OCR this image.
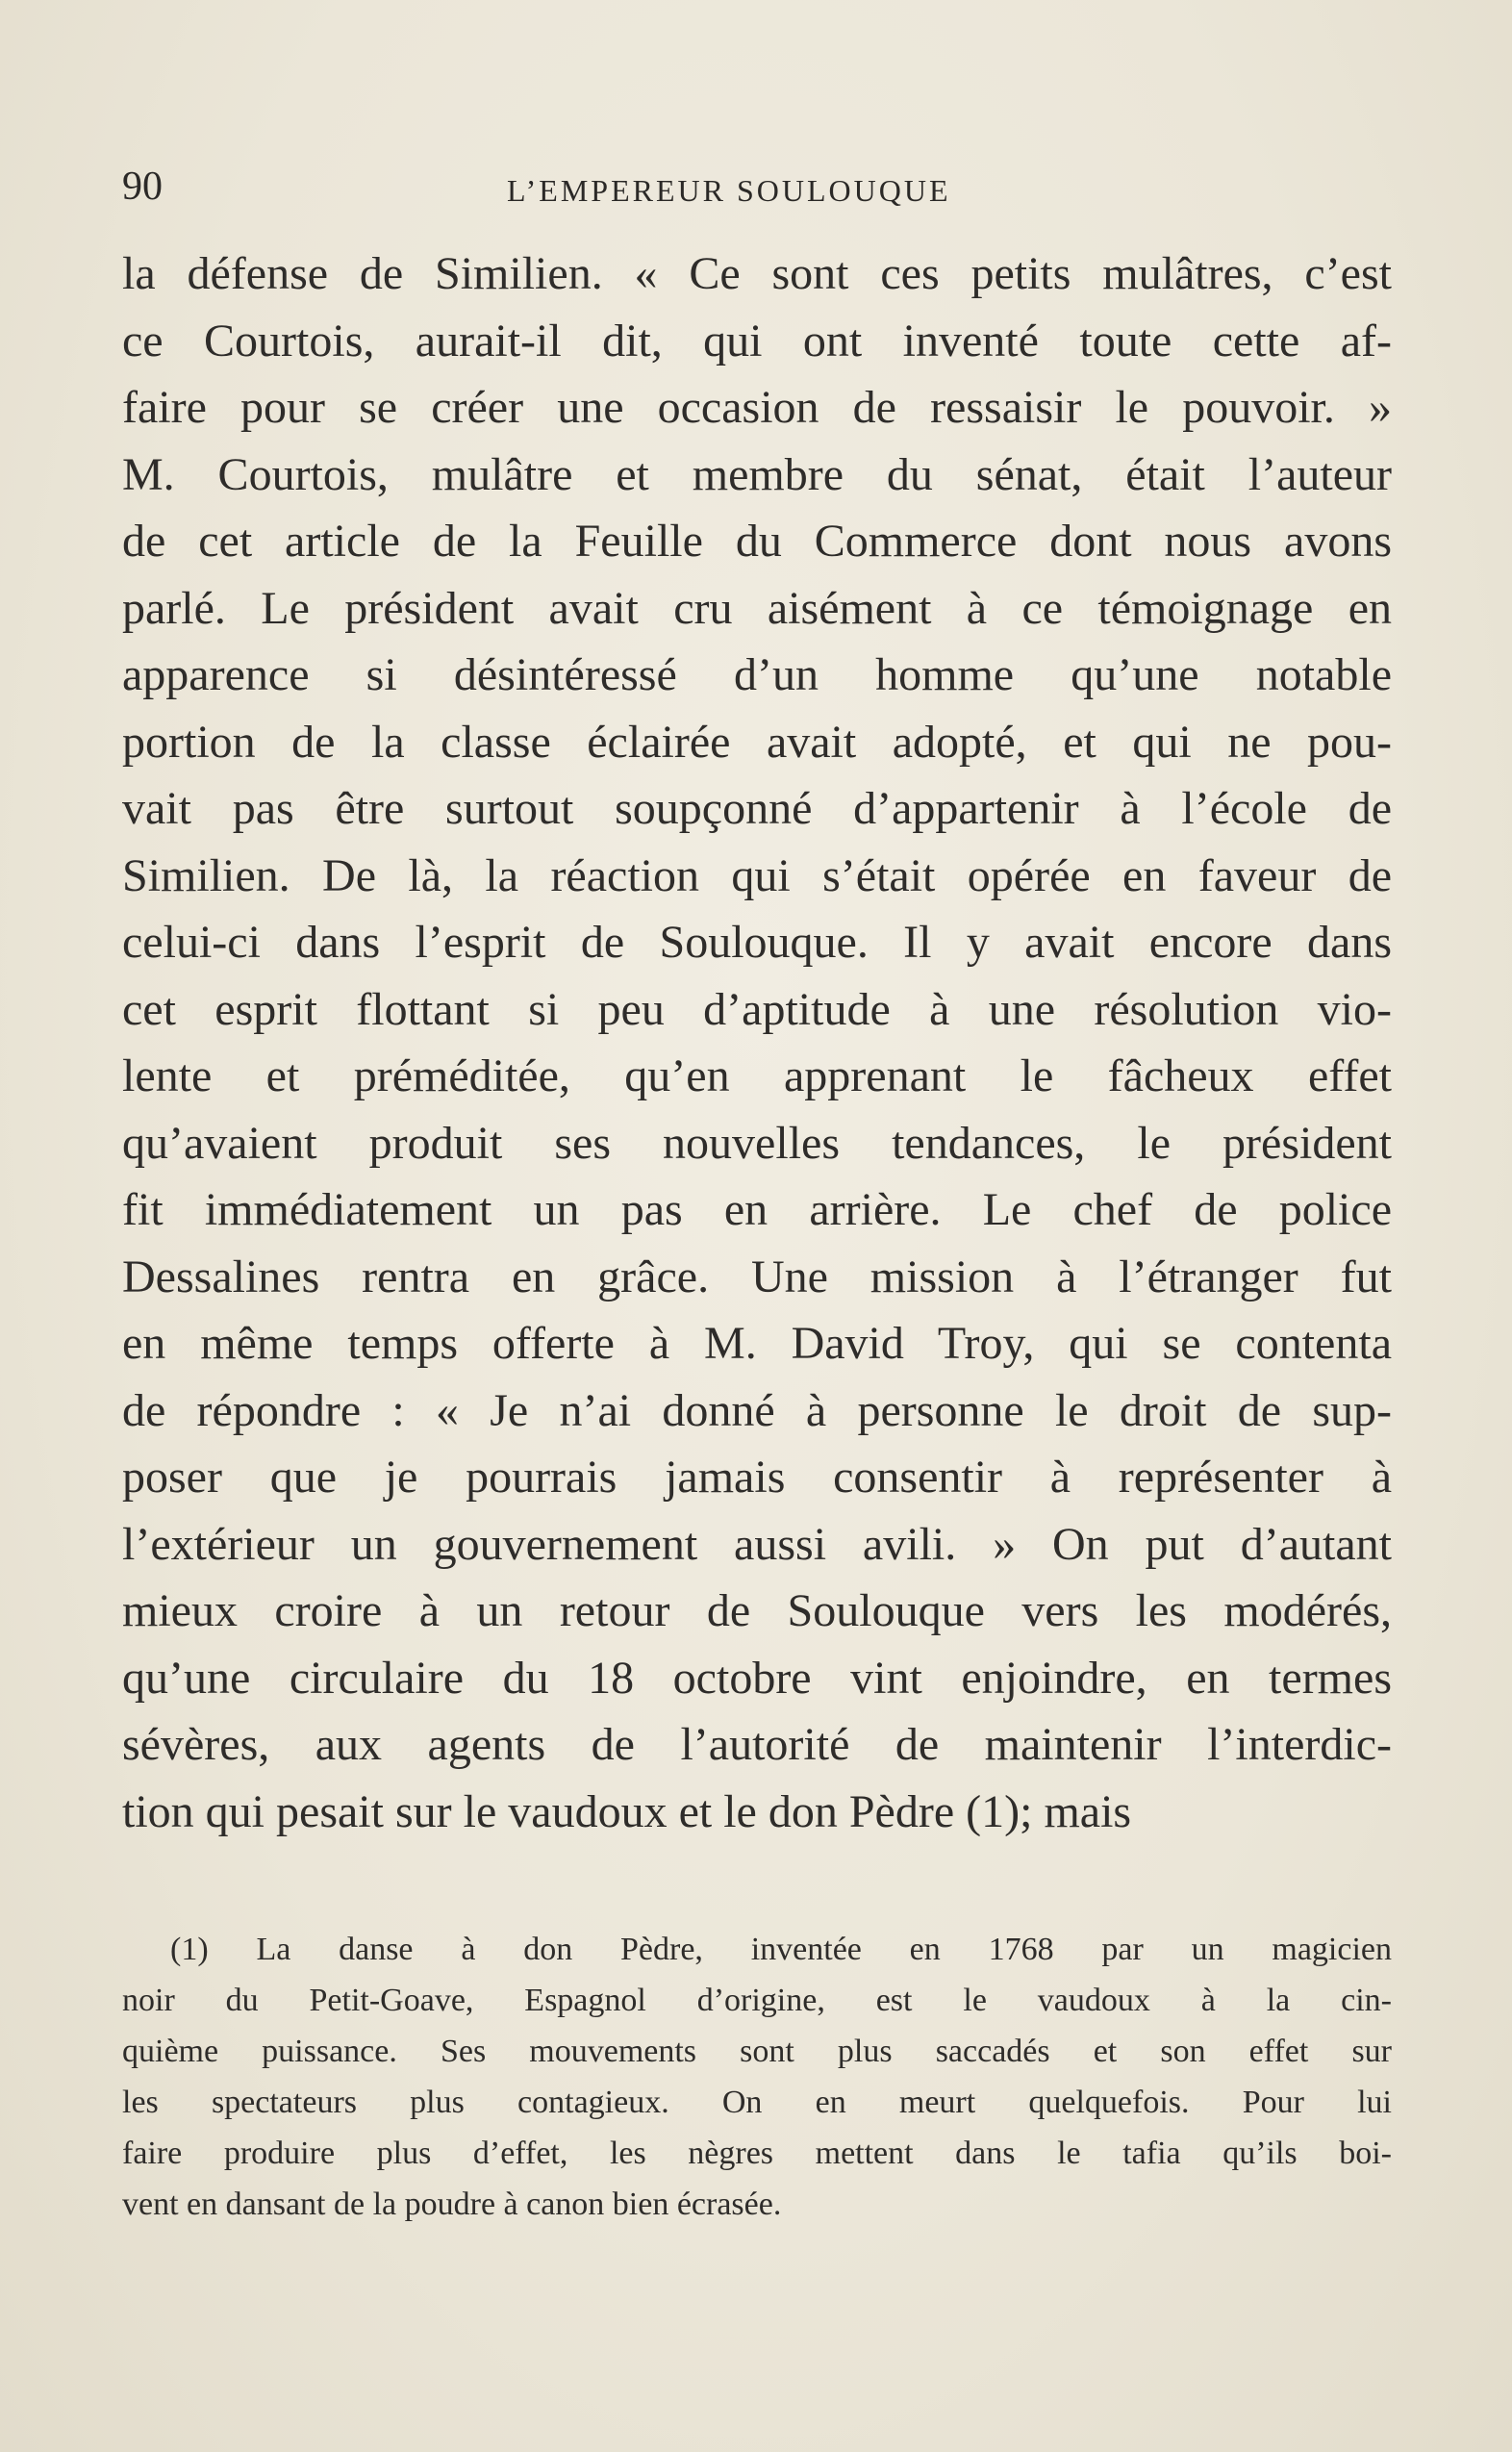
90	L’EMPEREUR SOULOUQUE
la défense de Similien. « Ce sont ces petits mulâtres, c’est
ce Courtois, aurait-il dit, qui ont inventé toute cette af-
faire pour se créer une occasion de ressaisir le pouvoir. »
M. Courtois, mulâtre et membre du sénat, était l’auteur
de cet article de la Feuille du Commerce dont nous avons
parlé. Le président avait cru aisément à ce témoignage en
apparence si désintéressé d’un homme qu’une notable
portion de la classe éclairée avait adopté, et qui ne pou-
vait pas être surtout soupçonné d’appartenir à l’école de
Similien. De là, la réaction qui s’était opérée en faveur de
celui-ci dans l’esprit de Soulouque. Il y avait encore dans
cet esprit flottant si peu d’aptitude à une résolution vio-
lente et préméditée, qu’en apprenant le fâcheux effet
qu’avaient produit ses nouvelles tendances, le président
fit immédiatement un pas en arrière. Le chef de police
Dessalines rentra en grâce. Une mission à l’étranger fut
en même temps offerte à M. David Troy, qui se contenta
de répondre : « Je n’ai donné à personne le droit de sup-
poser que je pourrais jamais consentir à représenter à
l’extérieur un gouvernement aussi avili. » On put d’autant
mieux croire à un retour de Soulouque vers les modérés,
qu’une circulaire du 18 octobre vint enjoindre, en termes
sévères, aux agents de l’autorité de maintenir l’interdic-
tion qui pesait sur le vaudoux et le don Pèdre (1); mais
(1) La danse à don Pèdre, inventée en 1768 par un magicien
noir du Petit-Goave, Espagnol d’origine, est le vaudoux à la cin-
quième puissance. Ses mouvements sont plus saccadés et son effet sur
les spectateurs plus contagieux. On en meurt quelquefois. Pour lui
faire produire plus d’effet, les nègres mettent dans le tafia qu’ils boi-
vent en dansant de la poudre à canon bien écrasée.
